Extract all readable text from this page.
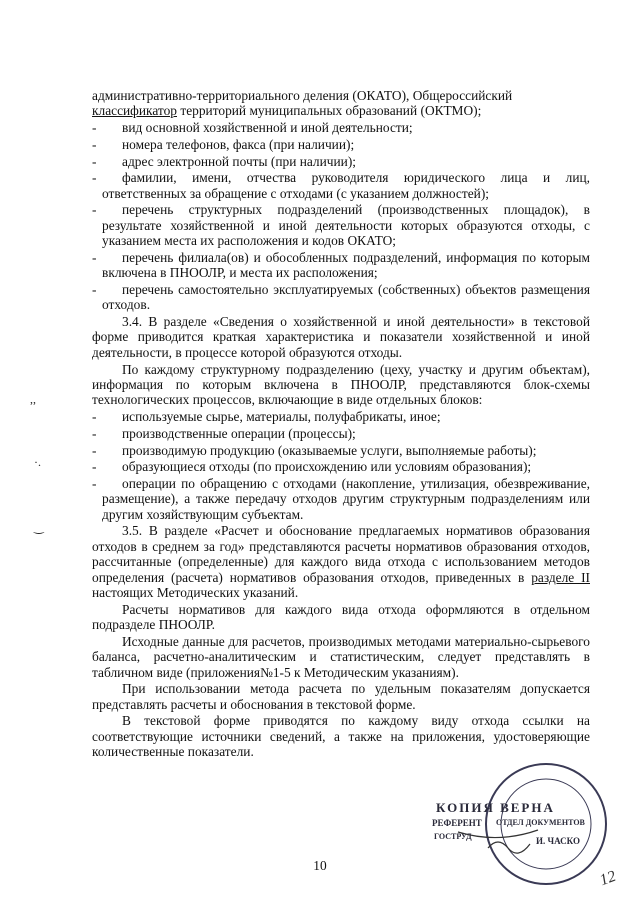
административно-территориального деления (ОКАТО), Общероссийский
классификатор территорий муниципальных образований (ОКТМО);
-	вид основной хозяйственной и иной деятельности;
-	номера телефонов, факса (при наличии);
-	адрес электронной почты (при наличии);
-	фамилии, имени, отчества руководителя юридического лица и лиц, ответственных за обращение с отходами (с указанием должностей);
-	перечень структурных подразделений (производственных площадок), в результате хозяйственной и иной деятельности которых образуются отходы, с указанием места их расположения и кодов ОКАТО;
-	перечень филиала(ов) и обособленных подразделений, информация по которым включена в ПНООЛР, и места их расположения;
-	перечень самостоятельно эксплуатируемых (собственных) объектов размещения отходов.
3.4. В разделе «Сведения о хозяйственной и иной деятельности» в текстовой форме приводится краткая характеристика и показатели хозяйственной и иной деятельности, в процессе которой образуются отходы.
По каждому структурному подразделению (цеху, участку и другим объектам), информация по которым включена в ПНООЛР, представляются блок-схемы технологических процессов, включающие в виде отдельных блоков:
-	используемые сырье, материалы, полуфабрикаты, иное;
-	производственные операции (процессы);
-	производимую продукцию (оказываемые услуги, выполняемые работы);
-	образующиеся отходы (по происхождению или условиям образования);
-	операции по обращению с отходами (накопление, утилизация, обезвреживание, размещение), а также передачу отходов другим структурным подразделениям или другим хозяйствующим субъектам.
3.5. В разделе «Расчет и обоснование предлагаемых нормативов образования отходов в среднем за год» представляются расчеты нормативов образования отходов, рассчитанные (определенные) для каждого вида отхода с использованием методов определения (расчета) нормативов образования отходов, приведенных в разделе II настоящих Методических указаний.
Расчеты нормативов для каждого вида отхода оформляются в отдельном подразделе ПНООЛР.
Исходные данные для расчетов, производимых методами материально-сырьевого баланса, расчетно-аналитическим и статистическим, следует представлять в табличном виде (приложения№1-5 к Методическим указаниям).
При использовании метода расчета по удельным показателям допускается представлять расчеты и обоснования в текстовой форме.
В текстовой форме приводятся по каждому виду отхода ссылки на соответствующие источники сведений, а также на приложения, удостоверяющие количественные показатели.
,,
·.
‿
КОПИЯ ВЕРНА
РЕФЕРЕНТ ОТДЕЛ ДОКУМЕНТОВ
ГОСТРУД	И. ЧАСКО
10
12
